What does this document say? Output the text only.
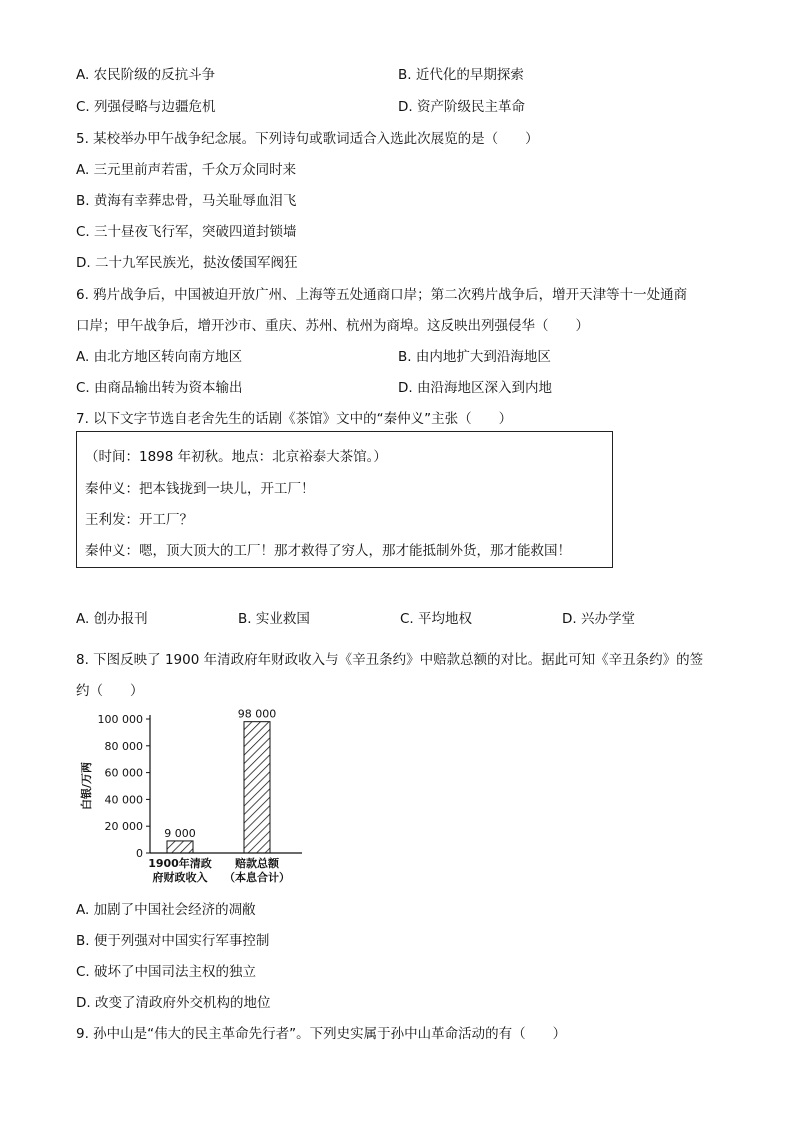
A. 农民阶级的反抗斗争	B. 近代化的早期探索
C. 列强侵略与边疆危机	D. 资产阶级民主革命
5. 某校举办甲午战争纪念展。下列诗句或歌词适合入选此次展览的是（　　）
A. 三元里前声若雷，千众万众同时来
B. 黄海有幸葬忠骨，马关耻辱血泪飞
C. 三十昼夜飞行军，突破四道封锁墙
D. 二十九军民族光，挞汝倭国军阀狂
6. 鸦片战争后，中国被迫开放广州、上海等五处通商口岸；第二次鸦片战争后，增开天津等十一处通商
口岸；甲午战争后，增开沙市、重庆、苏州、杭州为商埠。这反映出列强侵华（　　）
A. 由北方地区转向南方地区	B. 由内地扩大到沿海地区
C. 由商品输出转为资本输出	D. 由沿海地区深入到内地
7. 以下文字节选自老舍先生的话剧《茶馆》文中的“秦仲义”主张（　　）
（时间：1898 年初秋。地点：北京裕泰大茶馆。）
秦仲义：把本钱拢到一块儿，开工厂！
王利发：开工厂？
秦仲义：嗯，顶大顶大的工厂！那才救得了穷人，那才能抵制外货，那才能救国！
A. 创办报刊	B. 实业救国	C. 平均地权	D. 兴办学堂
8. 下图反映了 1900 年清政府年财政收入与《辛丑条约》中赔款总额的对比。据此可知《辛丑条约》的签
约（　　）
0
20 000
40 000
60 000
80 000
100 000
白银/万两
9 000
1900年清政
府财政收入
98 000
赔款总额
（本息合计）
A. 加剧了中国社会经济的凋敝
B. 便于列强对中国实行军事控制
C. 破坏了中国司法主权的独立
D. 改变了清政府外交机构的地位
9. 孙中山是“伟大的民主革命先行者”。下列史实属于孙中山革命活动的有（　　）
